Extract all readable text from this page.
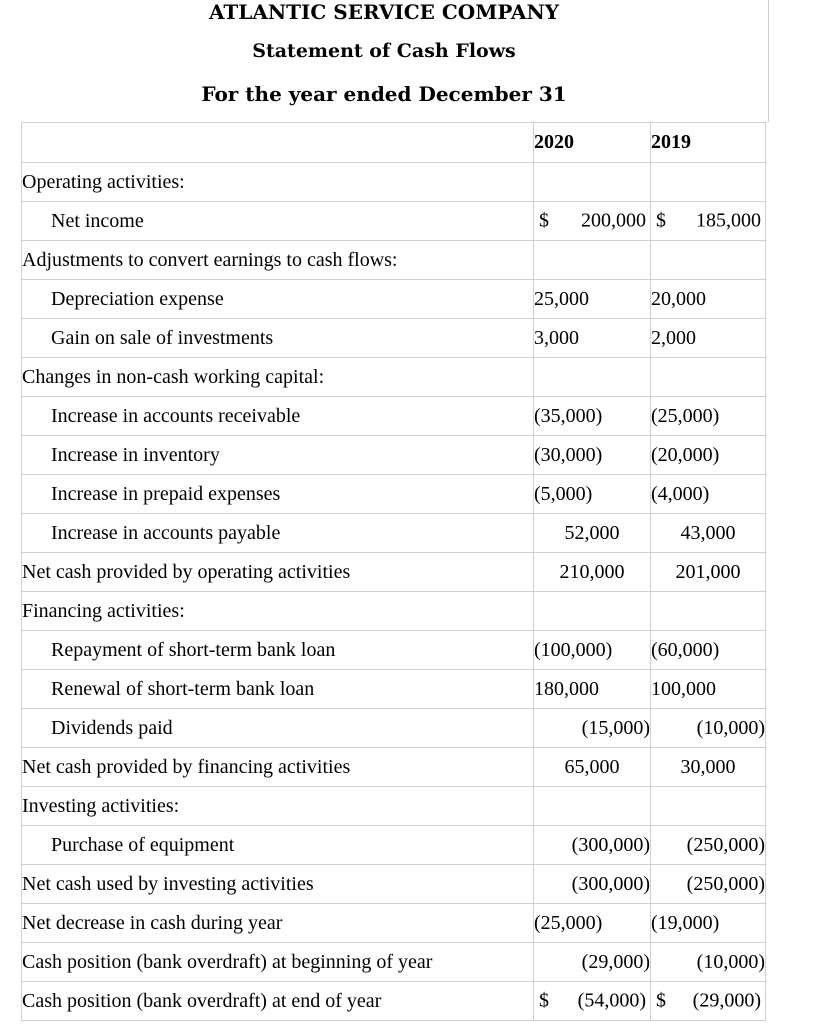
ATLANTIC SERVICE COMPANY
Statement of Cash Flows
For the year ended December 31
	2020	2019
Operating activities:		
Net income	$ 200,000	$ 185,000

Adjustments to convert earnings to cash flows:		
Depreciation expense	25,000	20,000
Gain on sale of investments	3,000	2,000
Changes in non-cash working capital:		
Increase in accounts receivable	(35,000)	(25,000)
Increase in inventory	(30,000)	(20,000)
Increase in prepaid expenses	(5,000)	(4,000)
Increase in accounts payable	52,000	43,000
Net cash provided by operating activities	210,000	201,000
Financing activities:		
Repayment of short-term bank loan	(100,000)	(60,000)
Renewal of short-term bank loan	180,000	100,000
Dividends paid	(15,000)	(10,000)
Net cash provided by financing activities	65,000	30,000
Investing activities:		
Purchase of equipment	(300,000)	(250,000)
Net cash used by investing activities	(300,000)	(250,000)
Net decrease in cash during year	(25,000)	(19,000)
Cash position (bank overdraft) at beginning of year	(29,000)	(10,000)
Cash position (bank overdraft) at end of year	$ (54,000)	$ (29,000)
